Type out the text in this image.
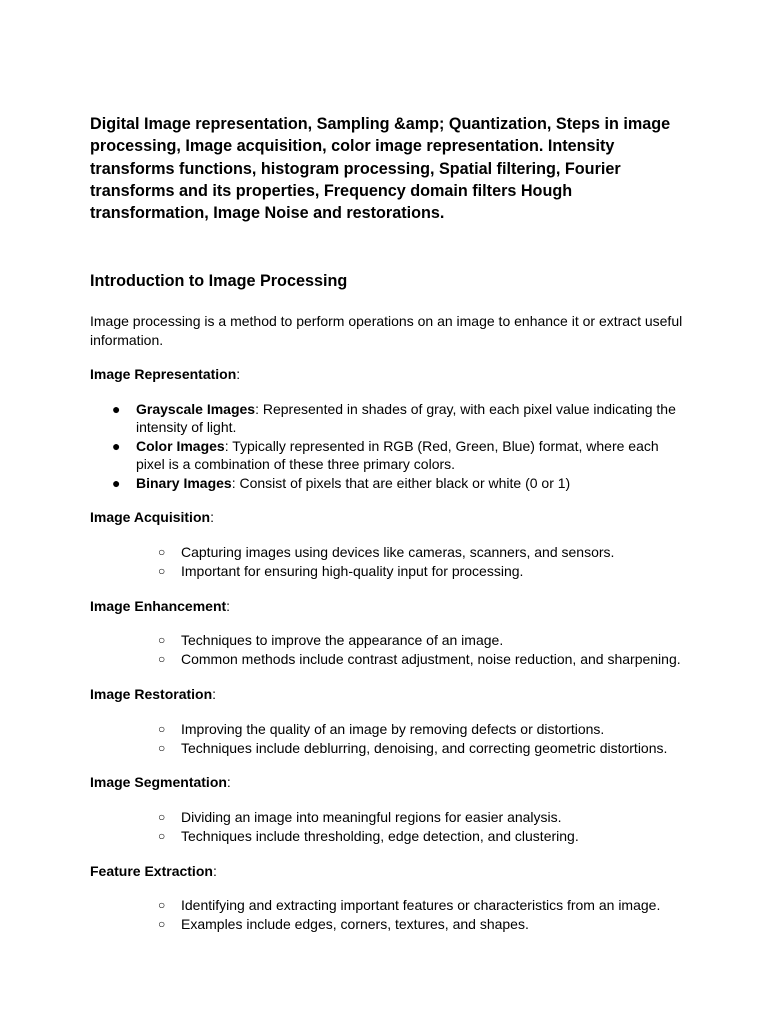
Digital Image representation, Sampling &amp; Quantization, Steps in image processing, Image acquisition, color image representation. Intensity transforms functions, histogram processing, Spatial filtering, Fourier transforms and its properties, Frequency domain filters Hough transformation, Image Noise and restorations.

Introduction to Image Processing

Image processing is a method to perform operations on an image to enhance it or extract useful information.

Image Representation:

● Grayscale Images: Represented in shades of gray, with each pixel value indicating the intensity of light.
● Color Images: Typically represented in RGB (Red, Green, Blue) format, where each pixel is a combination of these three primary colors.
● Binary Images: Consist of pixels that are either black or white (0 or 1)

Image Acquisition:

○ Capturing images using devices like cameras, scanners, and sensors.
○ Important for ensuring high-quality input for processing.

Image Enhancement:

○ Techniques to improve the appearance of an image.
○ Common methods include contrast adjustment, noise reduction, and sharpening.

Image Restoration:

○ Improving the quality of an image by removing defects or distortions.
○ Techniques include deblurring, denoising, and correcting geometric distortions.

Image Segmentation:

○ Dividing an image into meaningful regions for easier analysis.
○ Techniques include thresholding, edge detection, and clustering.

Feature Extraction:

○ Identifying and extracting important features or characteristics from an image.
○ Examples include edges, corners, textures, and shapes.
